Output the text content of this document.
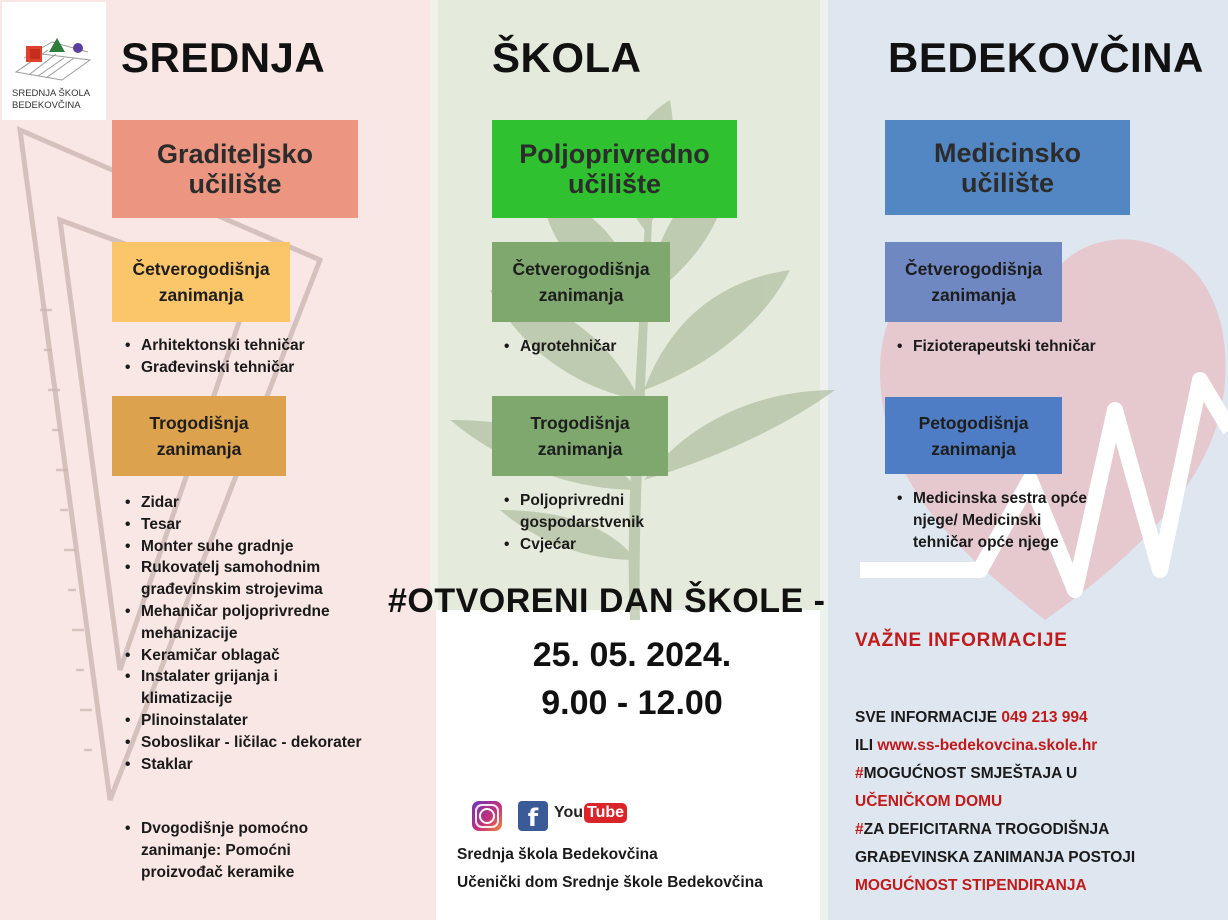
SREDNJA ŠKOLA
BEDEKOVČINA
SREDNJA	ŠKOLA	BEDEKOVČINA
Graditeljsko
učilište
Poljoprivredno
učilište
Medicinsko
učilište
Četverogodišnja
zanimanja
Trogodišnja
zanimanja
Četverogodišnja
zanimanja
Trogodišnja
zanimanja
Četverogodišnja
zanimanja
Petogodišnja
zanimanja
• Arhitektonski tehničar
• Građevinski tehničar
• Zidar
• Tesar
• Monter suhe gradnje
• Rukovatelj samohodnim građevinskim strojevima
• Mehaničar poljoprivredne mehanizacije
• Keramičar oblagač
• Instalater grijanja i klimatizacije
• Plinoinstalater
• Soboslikar - ličilac - dekorater
• Staklar
• Dvogodišnje pomoćno zanimanje: Pomoćni proizvođač keramike
• Agrotehničar
• Poljoprivredni gospodarstvenik
• Cvjećar
• Fizioterapeutski tehničar
• Medicinska sestra opće njege/ Medicinski tehničar opće njege
#OTVORENI DAN ŠKOLE -
25. 05. 2024.
9.00 - 12.00
VAŽNE INFORMACIJE
SVE INFORMACIJE 049 213 994
ILI www.ss-bedekovcina.skole.hr
#MOGUĆNOST SMJEŠTAJA U
UČENIČKOM DOMU
#ZA DEFICITARNA TROGODIŠNJA
GRAĐEVINSKA ZANIMANJA POSTOJI
MOGUĆNOST STIPENDIRANJA
f You Tube
Srednja škola Bedekovčina
Učenički dom Srednje škole Bedekovčina
